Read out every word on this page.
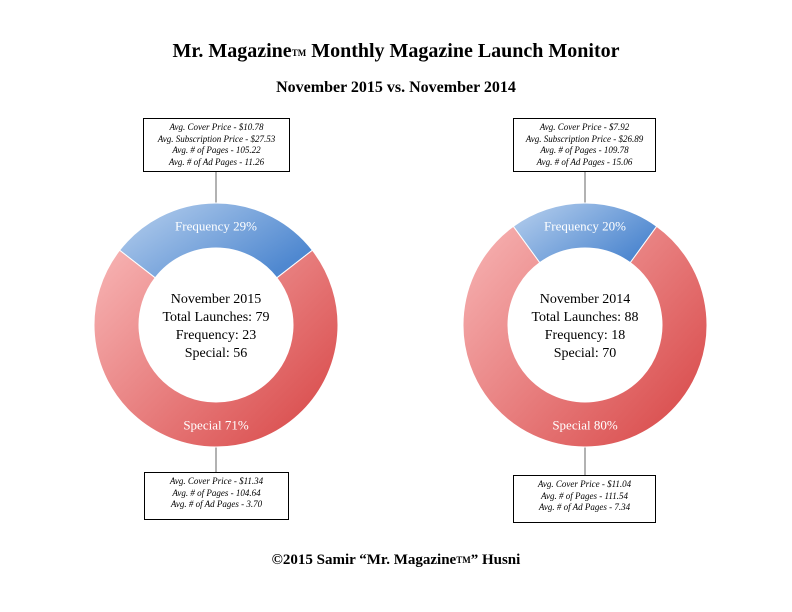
Mr. MagazineTM Monthly Magazine Launch Monitor
November 2015 vs. November 2014
Frequency 29%
Special 71%
November 2015
Total Launches: 79
Frequency: 23
Special: 56
Frequency 20%
Special 80%
November 2014
Total Launches: 88
Frequency: 18
Special: 70
Avg. Cover Price - $10.78
Avg. Subscription Price - $27.53
Avg. # of Pages - 105.22
Avg. # of Ad Pages - 11.26
Avg. Cover Price - $11.34
Avg. # of Pages - 104.64
Avg. # of Ad Pages - 3.70
Avg. Cover Price - $7.92
Avg. Subscription Price - $26.89
Avg. # of Pages - 109.78
Avg. # of Ad Pages - 15.06
Avg. Cover Price - $11.04
Avg. # of Pages - 111.54
Avg. # of Ad Pages - 7.34
©2015 Samir “Mr. MagazineTM” Husni
